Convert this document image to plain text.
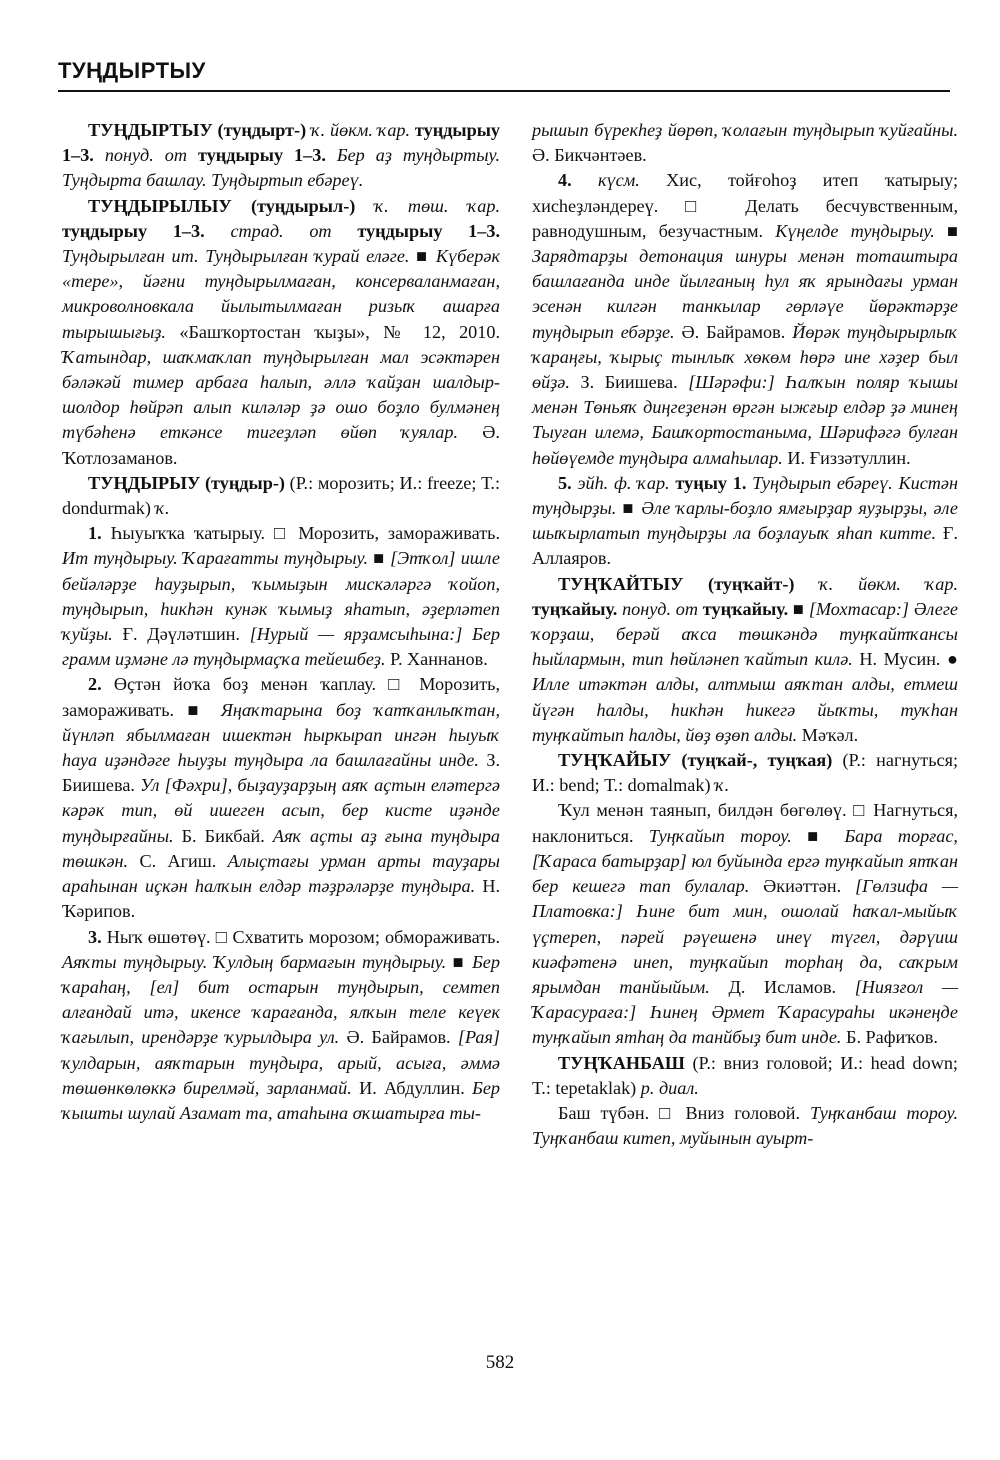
ТУҢДЫРТЫУ

ТУҢДЫРТЫУ (туңдырт-) ҡ. йөкм. ҡар. туңдырыу 1–3. понуд. от туңдырыу 1–3. Бер аҙ туңдыртыу. Туңдырта башлау. Туңдыртып ебәреү.

ТУҢДЫРЫЛЫУ (туңдырыл-) ҡ. төш. ҡар. туңдырыу 1–3. страд. от туңдырыу 1–3. Туңдырылған ит. Туңдырылған ҡурай еләге. ■ Күберәк «тере», йәғни туңдырылмаған, консерваланмаған, микроволновкала йылытылмаған ризыҡ ашарға тырышығыҙ. «Башҡортостан ҡыҙы», № 12, 2010. Ҡатындар, шаҡмаҡлап туңдырылған мал эсәктәрен бәләкәй тимер арбаға һалып, әллә ҡайҙан шалдыр-шолдор һөйрәп алып киләләр ҙә ошо боҙло булмәнең түбәһенә еткәнсе тигеҙләп өйөп ҡуялар. Ә. Ҡотлозаманов.

ТУҢДЫРЫУ (туңдыр-) (Р.: морозить; И.: freeze; Т.: dondurmak) ҡ.

1. Һыуыҡҡа ҡатырыу. □ Морозить, замораживать. Ит туңдырыу. Ҡарағатты туңдырыу. ■ [Этҡол] ишле бейәләрҙе һауҙырып, ҡымыҙын мискәләргә ҡойоп, туңдырып, һикһән кунәк ҡымыҙ яһатып, әҙерләтеп ҡуйҙы. Ғ. Дәүләтшин. [Нурый — ярҙамсыһына:] Бер грамм иҙмәне лә туңдырмаҫҡа тейешбеҙ. Р. Ханнанов.

2. Өҫтән йоҡа боҙ менән ҡаплау. □ Морозить, замораживать. ■ Яңаҡтарына боҙ ҡатҡанлыҡтан, йүнләп ябылмаған ишектән һыркырап ингән һыуыҡ һауа иҙәндәге һыуҙы туңдыра ла башлағайны инде. З. Биишева. Ул [Фәхри], быҙауҙарҙың аяҡ аҫтын еләтергә кәрәк тип, өй ишеген асып, бер кисте иҙәнде туңдырғайны. Б. Бикбай. Аяҡ аҫты аҙ ғына туңдыра төшкән. С. Агиш. Алыҫтағы урман арты тауҙары араһынан иҫкән һалҡын елдәр тәҙрәләрҙе туңдыра. Н. Ҡәрипов.

3. Ныҡ өшөтөү. □ Схватить морозом; обмораживать. Аяҡты туңдырыу. Ҡулдың бармағын туңдырыу. ■ Бер ҡараһаң, [ел] бит остарын туңдырып, семтеп алғандай итә, икенсе ҡарағанда, ялҡын теле кеүек ҡағылып, ирендәрҙе ҡурылдыра ул. Ә. Байрамов. [Рая] ҡулдарын, аяҡтарын туңдыра, арый, асыға, әммә төшөнкөлөккә бирелмәй, зарланмай. И. Абдуллин. Бер ҡышты шулай Азамат та, атаһына оҡшатырға ты-

рышып бүрекһеҙ йөрөп, ҡолағын туңдырып ҡуйғайны. Ә. Бикчәнтәев.

4. күсм. Хис, тойғоһоҙ итеп ҡатырыу; хисһеҙләндереү. □ Делать бесчувственным, равнодушным, безучастным. Күңелде туңдырыу. ■ Зарядтарҙы детонация шнуры менән тоташтыра башлағанда инде йылғаның һул яҡ ярындағы урман эсенән килгән танкылар гөрләүе йөрәктәрҙе туңдырып ебәрҙе. Ә. Байрамов. Йөрәк туңдырырлыҡ ҡараңғы, ҡырыҫ тынлыҡ хөкөм һөрә ине хәҙер был өйҙә. З. Биишева. [Шәрәфи:] Һалҡын поляр ҡышы менән Төньяҡ диңгеҙенән өргән ыжғыр елдәр ҙә минең Тыуған илемә, Башҡортостаныма, Шәрифәгә булған һөйөүемде туңдыра алмаһылар. И. Ғиззәтуллин.

5. эйһ. ф. ҡар. туңыу 1. Туңдырып ебәреү. Кистән туңдырҙы. ■ Әле ҡарлы-боҙло ямғырҙар яуҙырҙы, әле шыҡырлатып туңдырҙы ла боҙлауыҡ яһап китте. Ғ. Аллаяров.

ТУҢҠАЙТЫУ (туңҡайт-) ҡ. йөкм. ҡар. туңҡайыу. понуд. от туңҡайыу. ■ [Мохтасар:] Әлеге ҡорҙаш, берәй аҡса төшкәндә туңҡайтҡансы һыйлармын, тип һөйләнеп ҡайтып килә. Н. Мусин. ● Илле итәктән алды, алтмыш аяҡтан алды, етмеш йүгән һалды, һикһән һикегә йыҡты, туҡһан туңҡайтып һалды, йөҙ өҙөп алды. Мәҡәл.

ТУҢҠАЙЫУ (туңҡай-, туңҡая) (Р.: нагнуться; И.: bend; Т.: domalmak) ҡ.

Ҡул менән таянып, билдән бөгөлөү. □ Нагнуться, наклониться. Туңҡайып тороу. ■ Бара торғас, [Ҡараса батырҙар] юл буйында ергә туңҡайып ятҡан бер кешегә тап булалар. Әкиәттән. [Гөлзифа — Платовка:] Һине бит мин, ошолай һаҡал-мыйыҡ үҫтереп, пәрей рәүешенә инеү түгел, дәрүиш киәфәтенә инеп, туңҡайып торһаң да, саҡрым ярымдан танйыйым. Д. Исламов. [Ниязғол — Ҡарасураға:] Һинең Әрмет Ҡарасураһы икәнеңде туңҡайып ятһаң да танйбыҙ бит инде. Б. Рафиҡов.

ТУҢҠАНБАШ (Р.: вниз головой; И.: head down; Т.: tepetaklak) р. диал.

Баш түбән. □ Вниз головой. Туңҡанбаш тороу. Туңҡанбаш китеп, муйынын ауырт-

582
